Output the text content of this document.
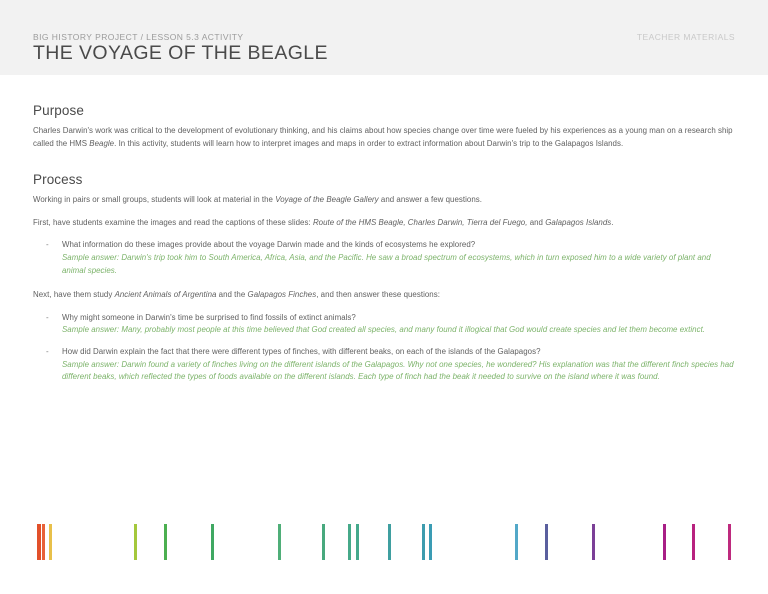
BIG HISTORY PROJECT / LESSON 5.3 ACTIVITY	TEACHER MATERIALS
THE VOYAGE OF THE BEAGLE
Purpose

Charles Darwin's work was critical to the development of evolutionary thinking, and his claims about how species change over time were fueled by his experiences as a young man on a research ship called the HMS Beagle. In this activity, students will learn how to interpret images and maps in order to extract information about Darwin's trip to the Galapagos Islands.

Process

Working in pairs or small groups, students will look at material in the Voyage of the Beagle Gallery and answer a few questions.

First, have students examine the images and read the captions of these slides: Route of the HMS Beagle, Charles Darwin, Tierra del Fuego, and Galapagos Islands.

- What information do these images provide about the voyage Darwin made and the kinds of ecosystems he explored?

Sample answer: Darwin's trip took him to South America, Africa, Asia, and the Pacific. He saw a broad spectrum of ecosystems, which in turn exposed him to a wide variety of plant and animal species.

Next, have them study Ancient Animals of Argentina and the Galapagos Finches, and then answer these questions:

- Why might someone in Darwin's time be surprised to find fossils of extinct animals?

Sample answer: Many, probably most people at this time believed that God created all species, and many found it illogical that God would create species and let them become extinct.

- How did Darwin explain the fact that there were different types of finches, with different beaks, on each of the islands of the Galapagos?

Sample answer: Darwin found a variety of finches living on the different islands of the Galapagos. Why not one species, he wondered? His explanation was that the different finch species had different beaks, which reflected the types of foods available on the different islands. Each type of finch had the beak it needed to survive on the island where it was found.
